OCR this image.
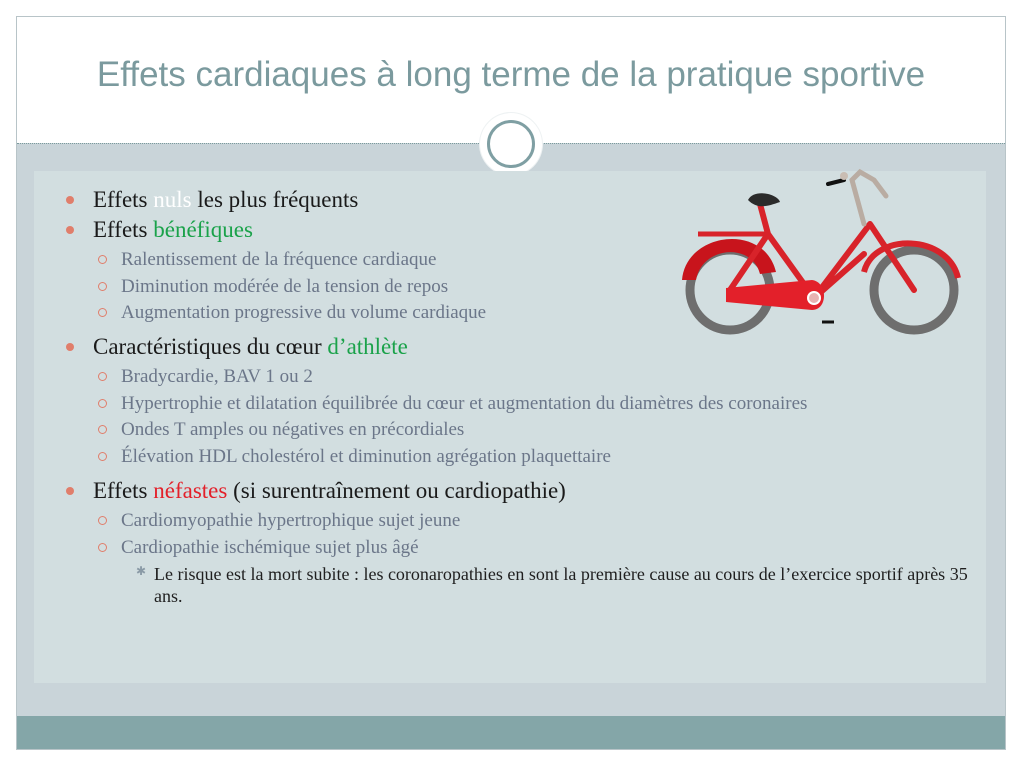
Effets cardiaques à long terme de la pratique sportive
Effets nuls les plus fréquents
Effets bénéfiques
Ralentissement de la fréquence cardiaque
Diminution modérée de la tension de repos
Augmentation progressive du volume cardiaque
Caractéristiques du cœur d’athlète
Bradycardie, BAV 1 ou 2
Hypertrophie et dilatation équilibrée du cœur et augmentation du diamètres des coronaires
Ondes T amples ou négatives en précordiales
Élévation HDL cholestérol et diminution agrégation plaquettaire
Effets néfastes (si surentraînement ou cardiopathie)
Cardiomyopathie hypertrophique sujet jeune
Cardiopathie ischémique sujet plus âgé
✱ Le risque est la mort subite : les coronaropathies en sont la première cause au cours de l’exercice sportif après 35 ans.
